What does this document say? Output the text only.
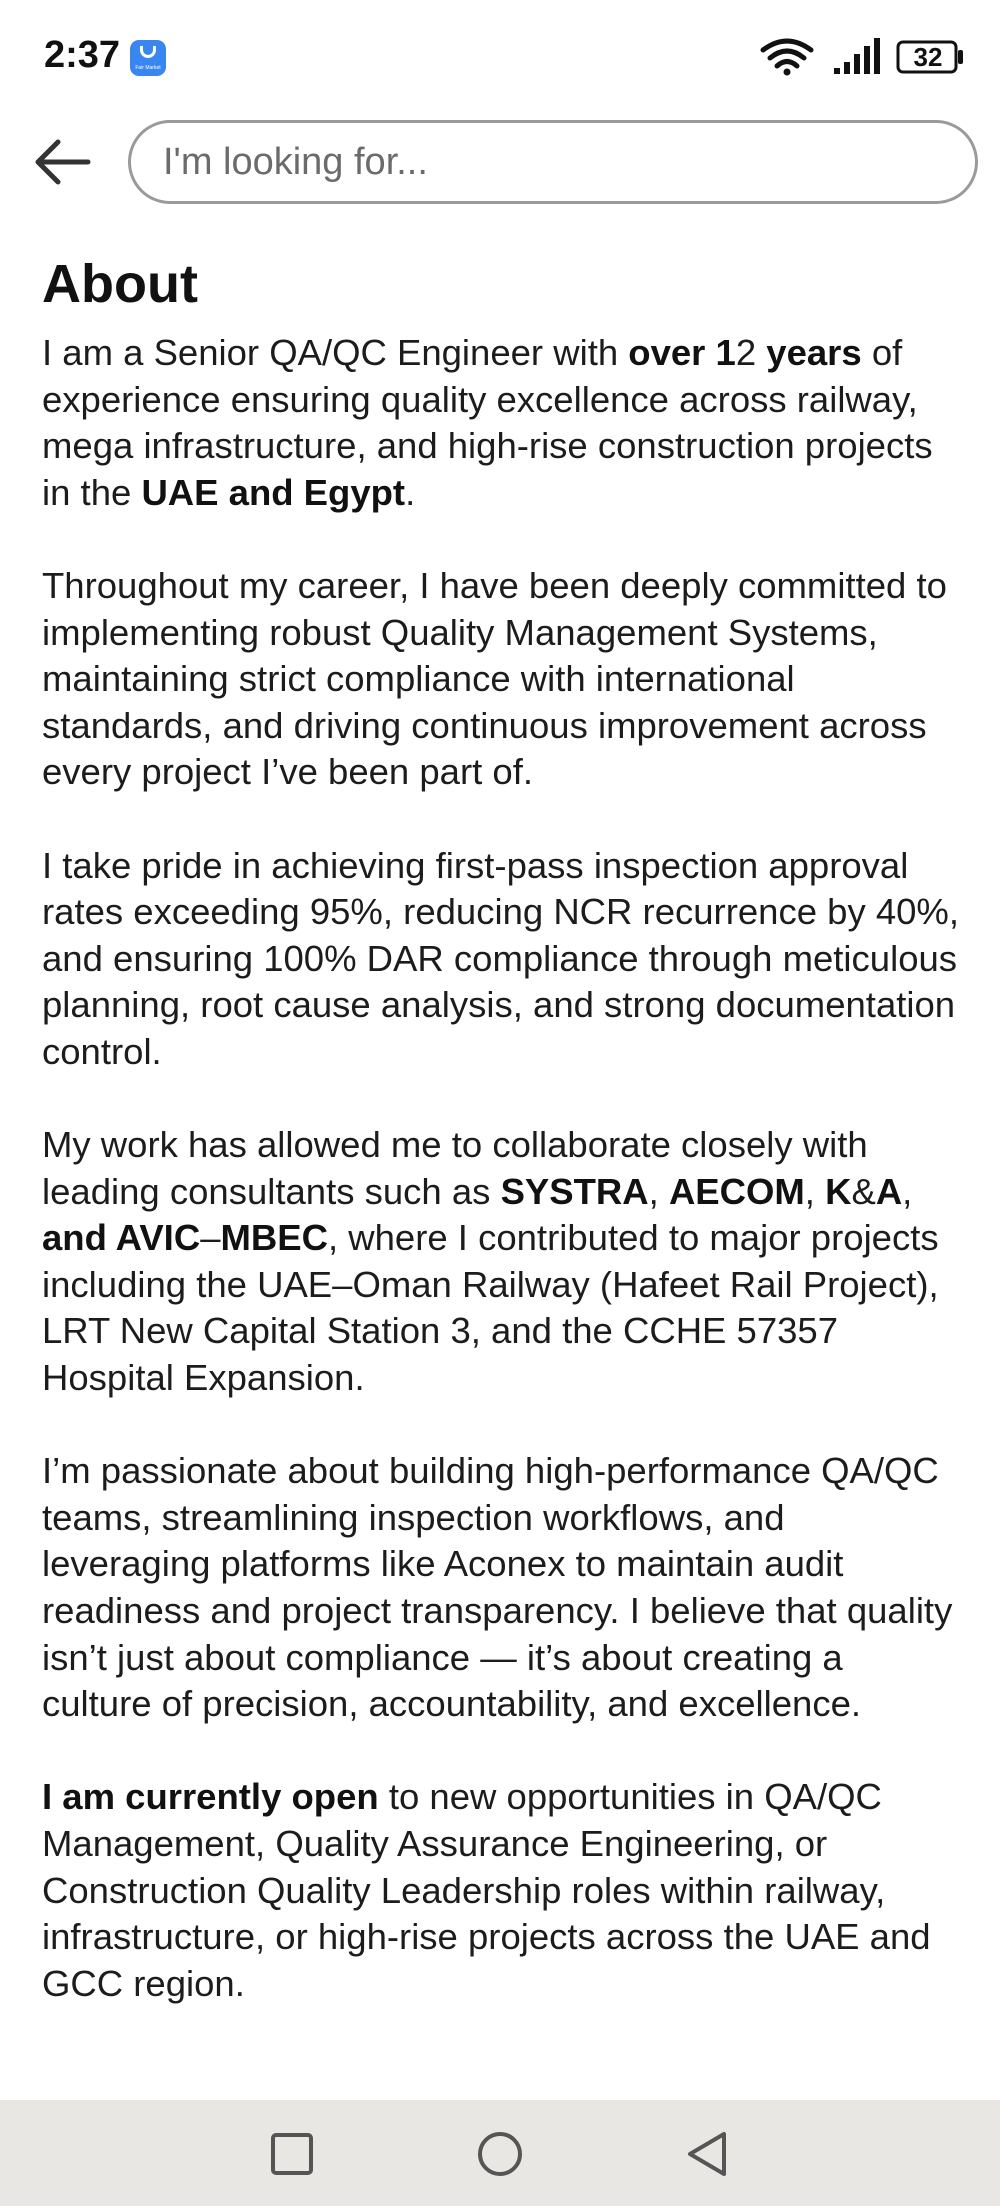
2:37	Fair Market	32
I'm looking for...
About

I am a Senior QA/QC Engineer with over 12 years of experience ensuring quality excellence across railway, mega infrastructure, and high-rise construction projects in the UAE and Egypt.

Throughout my career, I have been deeply committed to implementing robust Quality Management Systems, maintaining strict compliance with international standards, and driving continuous improvement across every project I’ve been part of.

I take pride in achieving first-pass inspection approval rates exceeding 95%, reducing NCR recurrence by 40%, and ensuring 100% DAR compliance through meticulous planning, root cause analysis, and strong documentation control.

My work has allowed me to collaborate closely with leading consultants such as SYSTRA, AECOM, K&A, and AVIC–MBEC, where I contributed to major projects including the UAE–Oman Railway (Hafeet Rail Project), LRT New Capital Station 3, and the CCHE 57357 Hospital Expansion.

I’m passionate about building high-performance QA/QC teams, streamlining inspection workflows, and leveraging platforms like Aconex to maintain audit readiness and project transparency. I believe that quality isn’t just about compliance — it’s about creating a culture of precision, accountability, and excellence.

I am currently open to new opportunities in QA/QC Management, Quality Assurance Engineering, or Construction Quality Leadership roles within railway, infrastructure, or high-rise projects across the UAE and GCC region.
